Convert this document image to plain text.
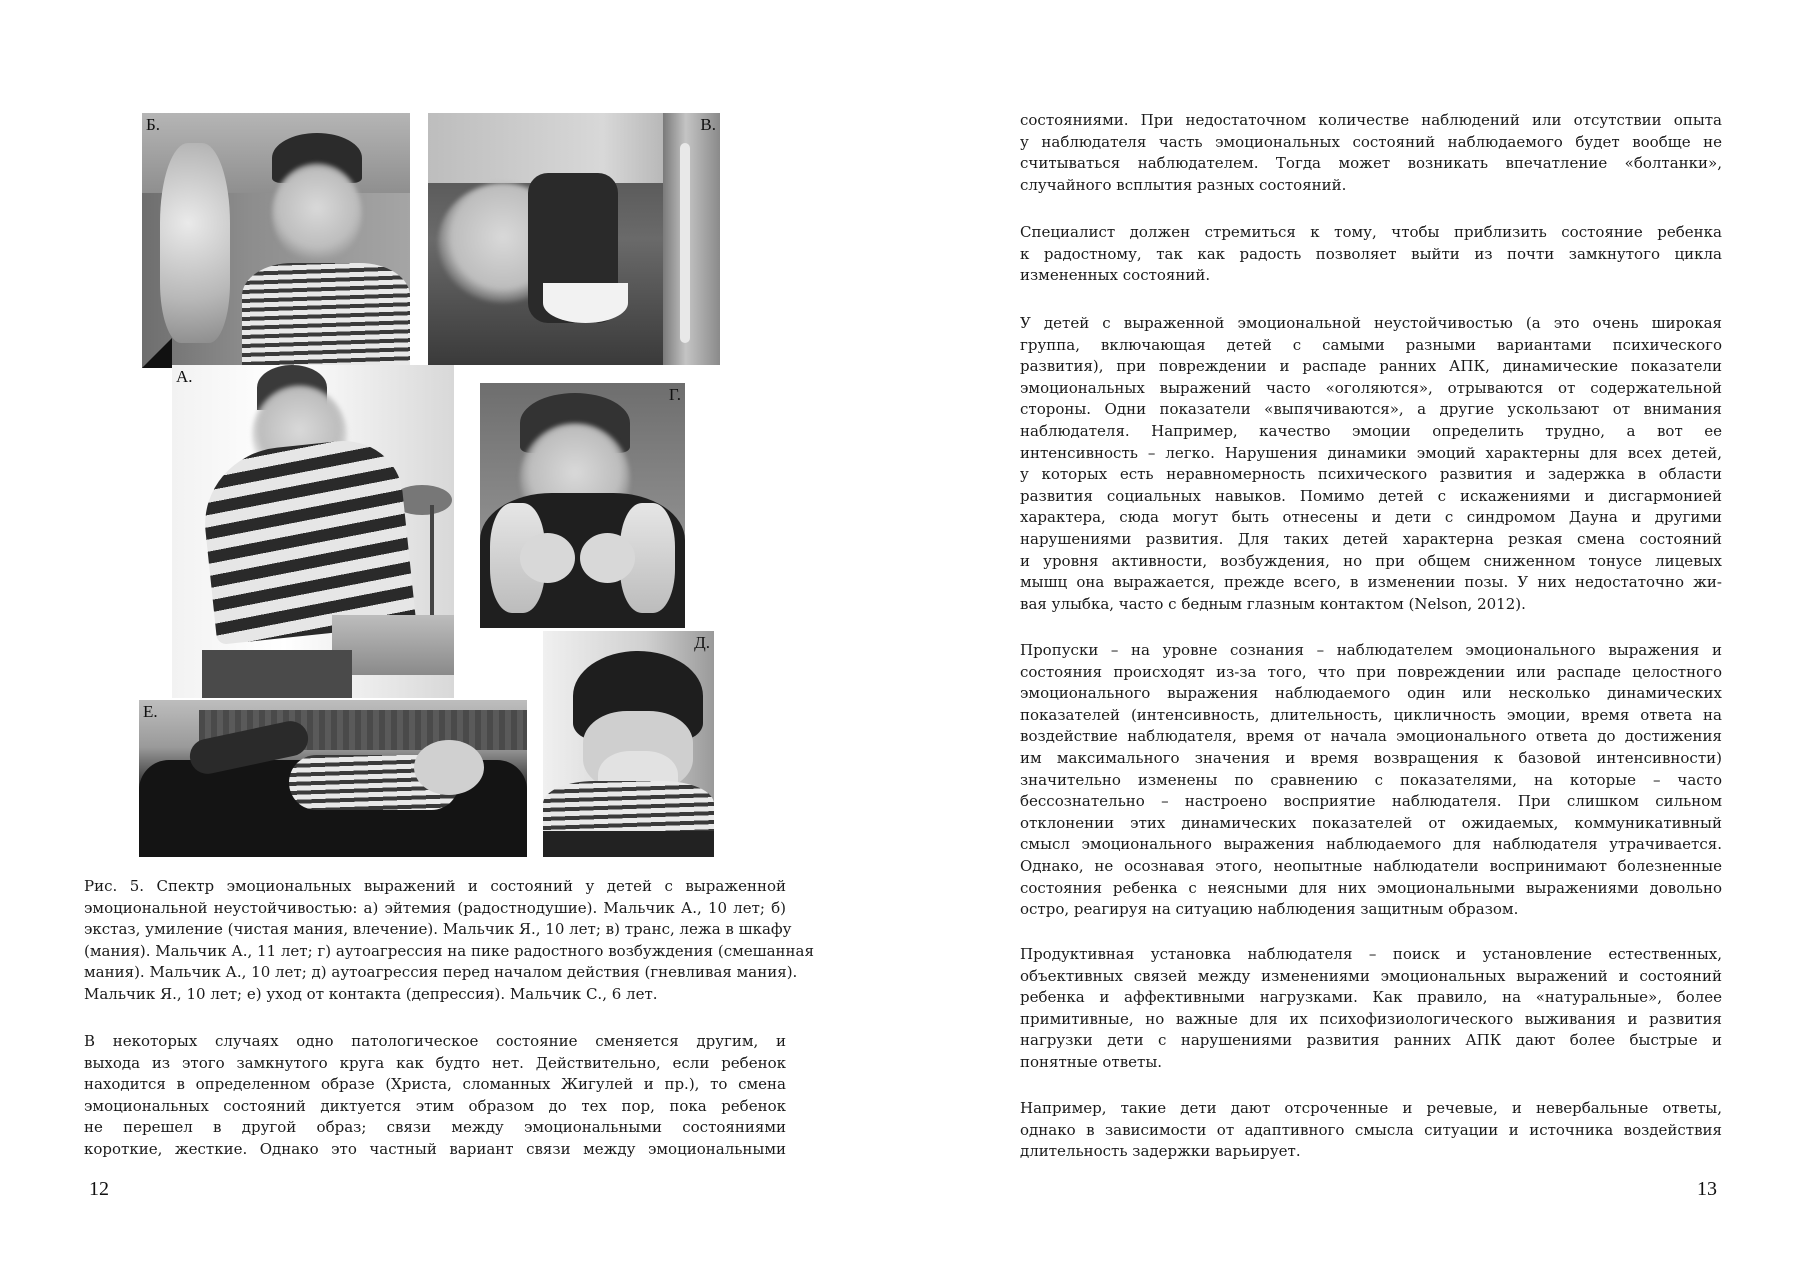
Б.	В.
А.
Г.
Д.
Е.
Рис. 5. Спектр эмоциональных выражений и состояний у детей с выраженной
эмоциональной неустойчивостью: а) эйтемия (радостнодушие). Мальчик А., 10 лет; б)
экстаз, умиление (чистая мания, влечение). Мальчик Я., 10 лет; в) транс, лежа в шкафу
(мания). Мальчик А., 11 лет; г) аутоагрессия на пике радостного возбуждения (смешанная
мания). Мальчик А., 10 лет; д) аутоагрессия перед началом действия (гневливая мания).
Мальчик Я., 10 лет; е) уход от контакта (депрессия). Мальчик С., 6 лет.
В некоторых случаях одно патологическое состояние сменяется другим, и
выхода из этого замкнутого круга как будто нет. Действительно, если ребенок
находится в определенном образе (Христа, сломанных Жигулей и пр.), то смена
эмоциональных состояний диктуется этим образом до тех пор, пока ребенок
не перешел в другой образ; связи между эмоциональными состояниями
короткие, жесткие. Однако это частный вариант связи между эмоциональными
12
состояниями. При недостаточном количестве наблюдений или отсутствии опыта
у наблюдателя часть эмоциональных состояний наблюдаемого будет вообще не
считываться наблюдателем. Тогда может возникать впечатление «болтанки»,
случайного всплытия разных состояний.
Специалист должен стремиться к тому, чтобы приблизить состояние ребенка
к радостному, так как радость позволяет выйти из почти замкнутого цикла
измененных состояний.
У детей с выраженной эмоциональной неустойчивостью (а это очень широкая
группа, включающая детей с самыми разными вариантами психического
развития), при повреждении и распаде ранних АПК, динамические показатели
эмоциональных выражений часто «оголяются», отрываются от содержательной
стороны. Одни показатели «выпячиваются», а другие ускользают от внимания
наблюдателя. Например, качество эмоции определить трудно, а вот ее
интенсивность – легко. Нарушения динамики эмоций характерны для всех детей,
у которых есть неравномерность психического развития и задержка в области
развития социальных навыков. Помимо детей с искажениями и дисгармонией
характера, сюда могут быть отнесены и дети с синдромом Дауна и другими
нарушениями развития. Для таких детей характерна резкая смена состояний
и уровня активности, возбуждения, но при общем сниженном тонусе лицевых
мышц она выражается, прежде всего, в изменении позы. У них недостаточно жи-
вая улыбка, часто с бедным глазным контактом (Nelson, 2012).
Пропуски – на уровне сознания – наблюдателем эмоционального выражения и
состояния происходят из-за того, что при повреждении или распаде целостного
эмоционального выражения наблюдаемого один или несколько динамических
показателей (интенсивность, длительность, цикличность эмоции, время ответа на
воздействие наблюдателя, время от начала эмоционального ответа до достижения
им максимального значения и время возвращения к базовой интенсивности)
значительно изменены по сравнению с показателями, на которые – часто
бессознательно – настроено восприятие наблюдателя. При слишком сильном
отклонении этих динамических показателей от ожидаемых, коммуникативный
смысл эмоционального выражения наблюдаемого для наблюдателя утрачивается.
Однако, не осознавая этого, неопытные наблюдатели воспринимают болезненные
состояния ребенка с неясными для них эмоциональными выражениями довольно
остро, реагируя на ситуацию наблюдения защитным образом.
Продуктивная установка наблюдателя – поиск и установление естественных,
объективных связей между изменениями эмоциональных выражений и состояний
ребенка и аффективными нагрузками. Как правило, на «натуральные», более
примитивные, но важные для их психофизиологического выживания и развития
нагрузки дети с нарушениями развития ранних АПК дают более быстрые и
понятные ответы.
Например, такие дети дают отсроченные и речевые, и невербальные ответы,
однако в зависимости от адаптивного смысла ситуации и источника воздействия
длительность задержки варьирует.
13
